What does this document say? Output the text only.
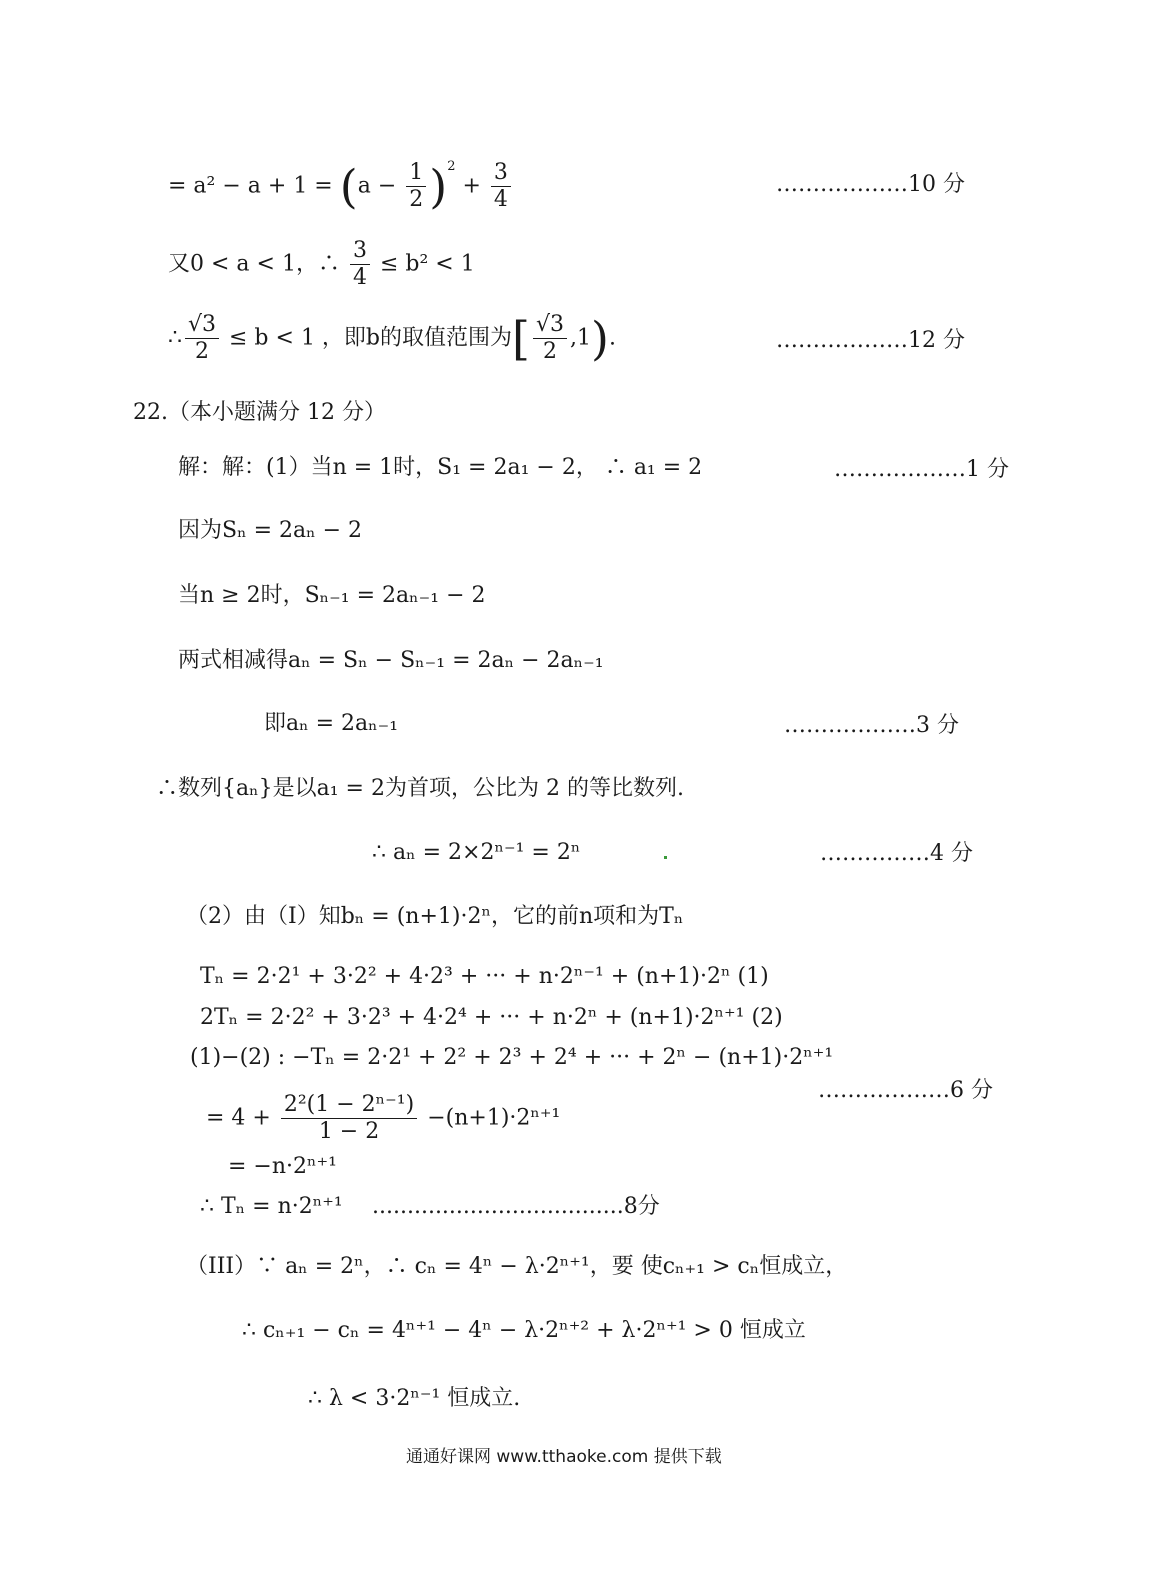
= $a^2 - a + 1 = (a - \frac{1}{2} )^2 + \frac{3}{4}$	………………10 分
又0 < a < 1，∴ $\frac{3}{4} \le b^2 < 1$
∴ $\frac{√3}{2} \le b < 1$ ，即b的取值范围为[ $\frac{√3}{2} ,1$).	………………12 分
22.（本小题满分 12 分）
解：解：(1）当n = 1时，S₁ = 2a₁ − 2， ∴ a₁ = 2	………………1 分
因为Sₙ = 2aₙ − 2
当n ≥ 2时，Sₙ₋₁ = 2aₙ₋₁ − 2
两式相减得aₙ = Sₙ − Sₙ₋₁ = 2aₙ − 2aₙ₋₁
即aₙ = 2aₙ₋₁	………………3 分
∴数列{aₙ}是以a₁ = 2为首项，公比为 2 的等比数列.
∴ aₙ = 2×2ⁿ⁻¹ = 2ⁿ	……………4 分
（2）由（Ⅰ）知bₙ = (n+1)·2ⁿ，它的前n项和为Tₙ
Tₙ = 2·2¹ + 3·2² + 4·2³ + ··· + n·2ⁿ⁻¹ + (n+1)·2ⁿ (1)
2Tₙ = 2·2² + 3·2³ + 4·2⁴ + ··· + n·2ⁿ + (n+1)·2ⁿ⁺¹ (2)
(1)−(2) : −Tₙ = 2·2¹ + 2² + 2³ + 2⁴ + ··· + 2ⁿ − (n+1)·2ⁿ⁺¹
= $4 + \frac{\text{2²(1 − 2ⁿ⁻¹)}}{1 - 2} -(n+1)\cdot 2^{n+1}$
………………6 分
= −n·2ⁿ⁺¹
∴ Tₙ = n·2ⁿ⁺¹ ....................................8分
（III）∵ aₙ = 2ⁿ，∴ cₙ = 4ⁿ − λ·2ⁿ⁺¹，要 使cₙ₊₁ > cₙ恒成立，
∴ cₙ₊₁ − cₙ = 4ⁿ⁺¹ − 4ⁿ − λ·2ⁿ⁺² + λ·2ⁿ⁺¹ > 0 恒成立
∴ λ < 3·2ⁿ⁻¹ 恒成立.
通通好课网 www.tthaoke.com 提供下载
